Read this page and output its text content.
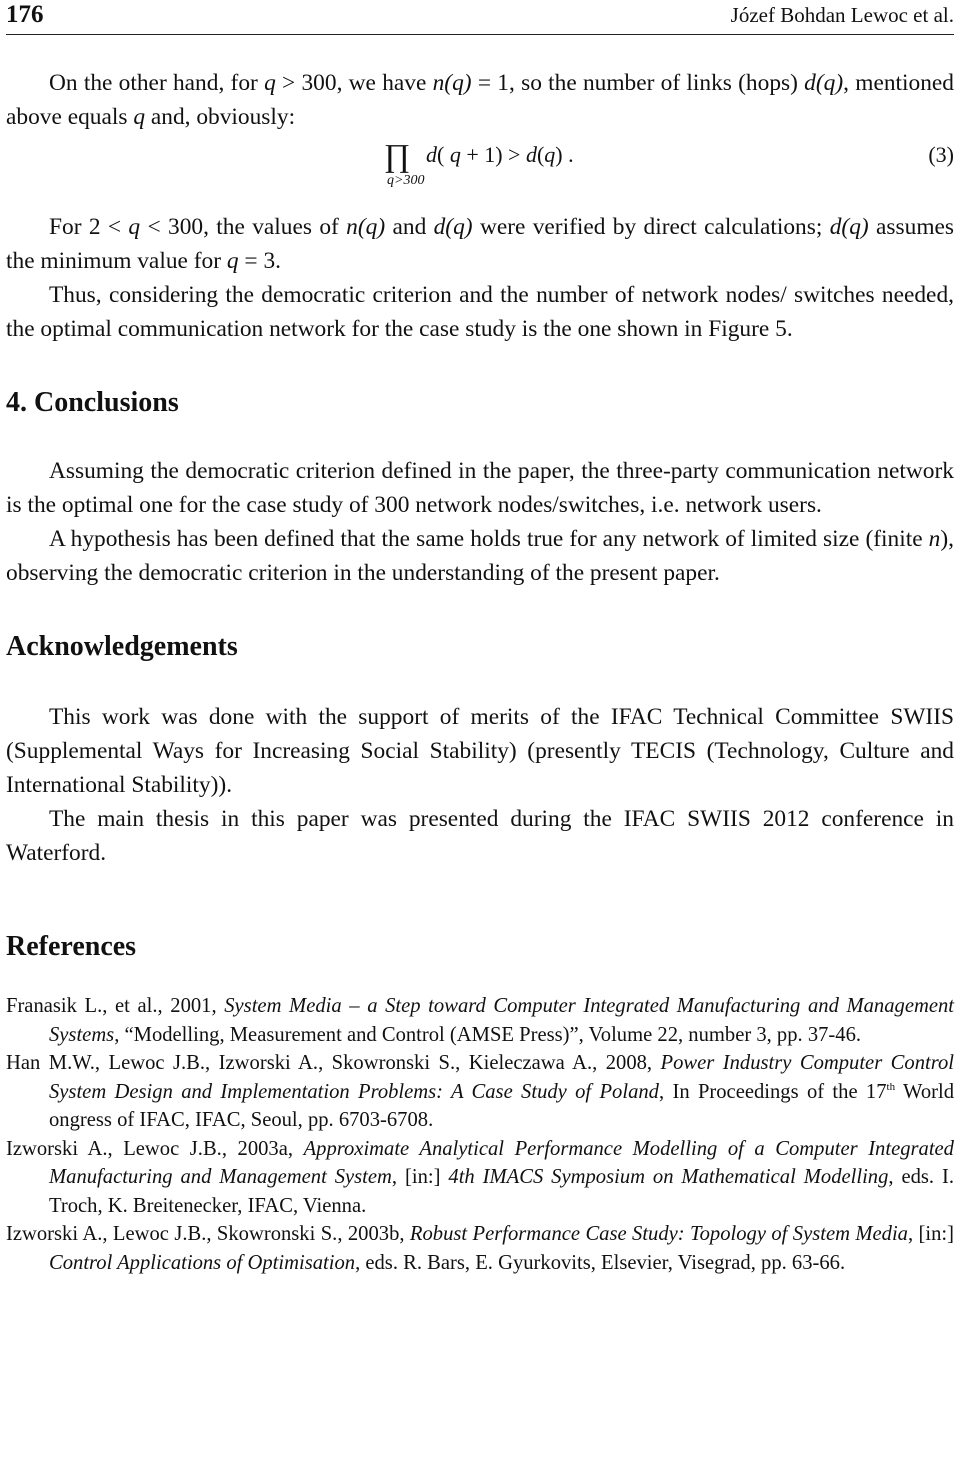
176	Józef Bohdan Lewoc et al.

On the other hand, for q > 300, we have n(q) = 1, so the number of links (hops) d(q), mentioned above equals q and, obviously:

∏
q>300
d( q + 1) > d(q) .	(3)

For 2 < q < 300, the values of n(q) and d(q) were verified by direct calculations; d(q) assumes the minimum value for q = 3.

Thus, considering the democratic criterion and the number of network nodes/ switches needed, the optimal communication network for the case study is the one shown in Figure 5.

4. Conclusions

Assuming the democratic criterion defined in the paper, the three-party communication network is the optimal one for the case study of 300 network nodes/switches, i.e. network users.

A hypothesis has been defined that the same holds true for any network of limited size (finite n), observing the democratic criterion in the understanding of the present paper.

Acknowledgements

This work was done with the support of merits of the IFAC Technical Committee SWIIS (Supplemental Ways for Increasing Social Stability) (presently TECIS (Technology, Culture and International Stability)).

The main thesis in this paper was presented during the IFAC SWIIS 2012 conference in Waterford.

References

Franasik L., et al., 2001, System Media – a Step toward Computer Integrated Manufacturing and Management Systems, “Modelling, Measurement and Control (AMSE Press)”, Volume 22, number 3, pp. 37-46.

Han M.W., Lewoc J.B., Izworski A., Skowronski S., Kieleczawa A., 2008, Power Industry Computer Control System Design and Implementation Problems: A Case Study of Poland, In Proceedings of the 17th World ongress of IFAC, IFAC, Seoul, pp. 6703-6708.

Izworski A., Lewoc J.B., 2003a, Approximate Analytical Performance Modelling of a Computer Integrated Manufacturing and Management System, [in:] 4th IMACS Symposium on Mathematical Modelling, eds. I. Troch, K. Breitenecker, IFAC, Vienna.

Izworski A., Lewoc J.B., Skowronski S., 2003b, Robust Performance Case Study: Topology of System Media, [in:] Control Applications of Optimisation, eds. R. Bars, E. Gyurkovits, Elsevier, Visegrad, pp. 63-66.
